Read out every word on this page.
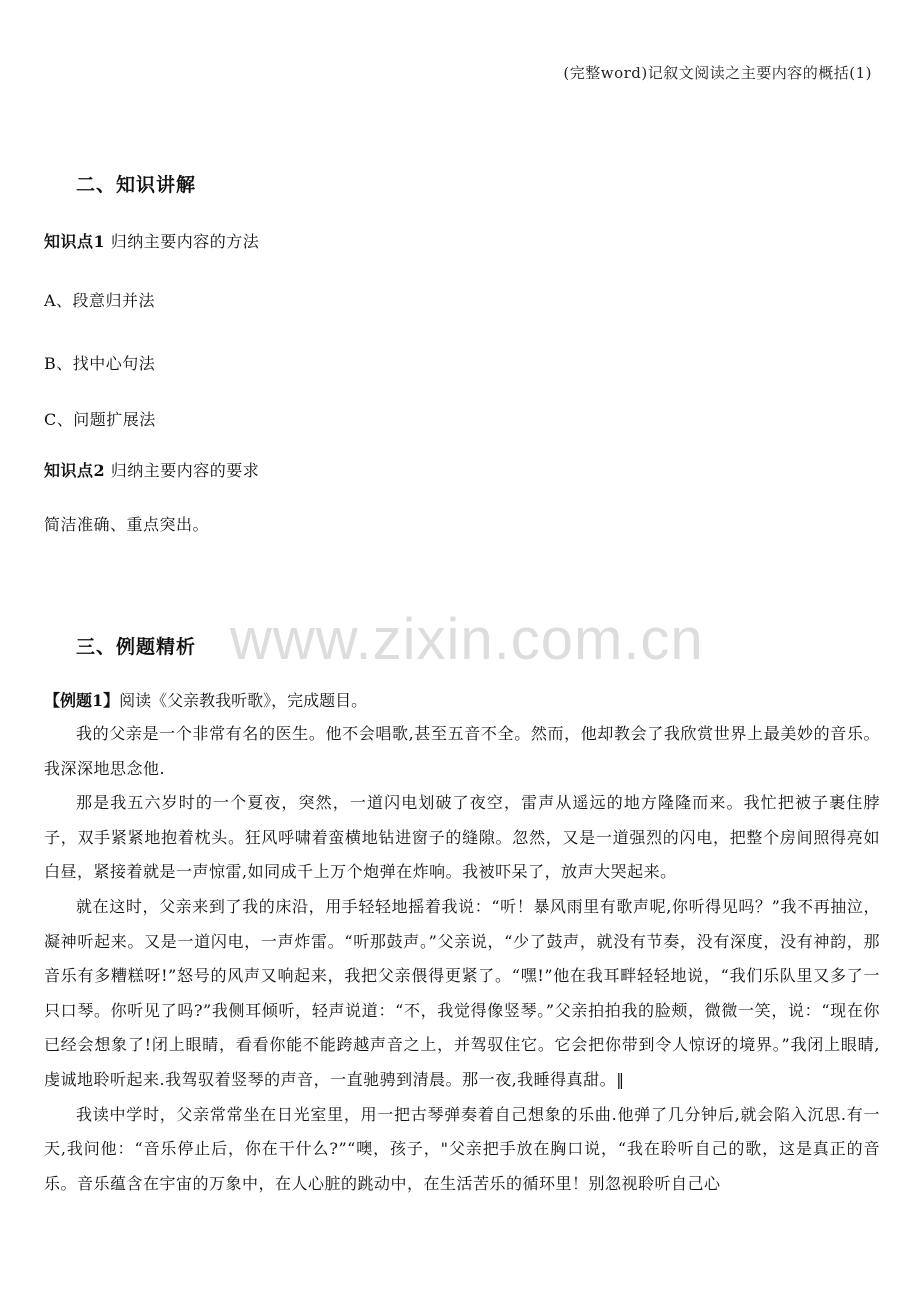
(完整word)记叙文阅读之主要内容的概括(1)
二、知识讲解
知识点1 归纳主要内容的方法
A、段意归并法
B、找中心句法
C、问题扩展法
知识点2 归纳主要内容的要求
简洁准确、重点突出。
www.zixin.com.cn
三、例题精析
【例题1】阅读《父亲教我听歌》，完成题目。

我的父亲是一个非常有名的医生。他不会唱歌,甚至五音不全。然而，他却教会了我欣赏世界上最美妙的音乐。我深深地思念他.

那是我五六岁时的一个夏夜，突然，一道闪电划破了夜空，雷声从遥远的地方隆隆而来。我忙把被子裹住脖子，双手紧紧地抱着枕头。狂风呼啸着蛮横地钻进窗子的缝隙。忽然，又是一道强烈的闪电，把整个房间照得亮如白昼，紧接着就是一声惊雷,如同成千上万个炮弹在炸响。我被吓呆了，放声大哭起来。

就在这时，父亲来到了我的床沿，用手轻轻地摇着我说：“听！暴风雨里有歌声呢,你听得见吗？”我不再抽泣，凝神听起来。又是一道闪电，一声炸雷。“听那鼓声。”父亲说，“少了鼓声，就没有节奏，没有深度，没有神韵，那音乐有多糟糕呀!”怒号的风声又响起来，我把父亲偎得更紧了。“嘿!”他在我耳畔轻轻地说，“我们乐队里又多了一只口琴。你听见了吗?”我侧耳倾听，轻声说道：“不，我觉得像竖琴。”父亲拍拍我的脸颊，微微一笑，说：“现在你已经会想象了!闭上眼睛，看看你能不能跨越声音之上，并驾驭住它。它会把你带到令人惊讶的境界。”我闭上眼睛,虔诚地聆听起来.我驾驭着竖琴的声音，一直驰骋到清晨。那一夜,我睡得真甜。‖

我读中学时，父亲常常坐在日光室里，用一把古琴弹奏着自己想象的乐曲.他弹了几分钟后,就会陷入沉思.有一天,我问他：“音乐停止后，你在干什么?”“噢，孩子，"父亲把手放在胸口说，“我在聆听自己的歌，这是真正的音乐。音乐蕴含在宇宙的万象中，在人心脏的跳动中，在生活苦乐的循环里！别忽视聆听自己心
